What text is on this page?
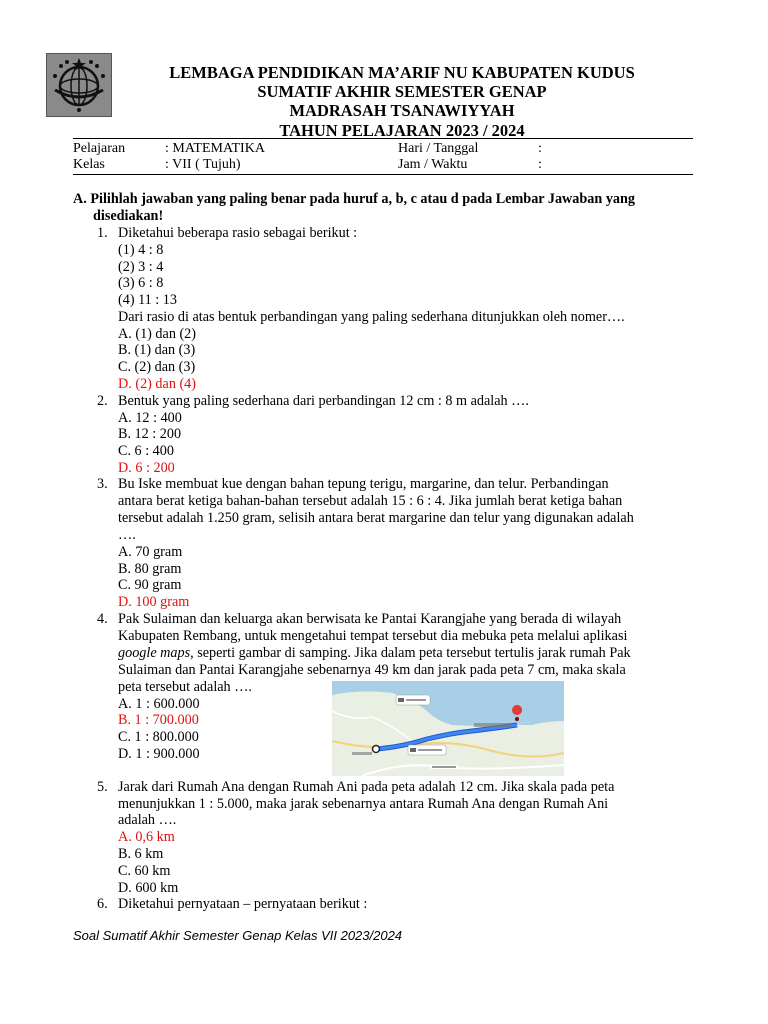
LEMBAGA PENDIDIKAN MA’ARIF NU KABUPATEN KUDUS
SUMATIF AKHIR SEMESTER GENAP
MADRASAH TSANAWIYYAH
TAHUN PELAJARAN 2023 / 2024
Pelajaran	: MATEMATIKA	Hari / Tanggal	:
Kelas	: VII ( Tujuh)	Jam / Waktu	:
A. Pilihlah jawaban yang paling benar pada huruf a, b, c atau d pada Lembar Jawaban yang
disediakan!
1. Diketahui beberapa rasio sebagai berikut :
(1) 4 : 8
(2) 3 : 4
(3) 6 : 8
(4) 11 : 13
Dari rasio di atas bentuk perbandingan yang paling sederhana ditunjukkan oleh nomer….
A. (1) dan (2)
B. (1) dan (3)
C. (2) dan (3)
D. (2) dan (4)
2. Bentuk yang paling sederhana dari perbandingan 12 cm : 8 m adalah ….
A. 12 : 400
B. 12 : 200
C. 6 : 400
D. 6 : 200
3. Bu Iske membuat kue dengan bahan tepung terigu, margarine, dan telur. Perbandingan
antara berat ketiga bahan-bahan tersebut adalah 15 : 6 : 4. Jika jumlah berat ketiga bahan
tersebut adalah 1.250 gram, selisih antara berat margarine dan telur yang digunakan adalah
….
A. 70 gram
B. 80 gram
C. 90 gram
D. 100 gram
4. Pak Sulaiman dan keluarga akan berwisata ke Pantai Karangjahe yang berada di wilayah
Kabupaten Rembang, untuk mengetahui tempat tersebut dia mebuka peta melalui aplikasi
google maps, seperti gambar di samping. Jika dalam peta tersebut tertulis jarak rumah Pak
Sulaiman dan Pantai Karangjahe sebenarnya 49 km dan jarak pada peta 7 cm, maka skala
peta tersebut adalah ….
A. 1 : 600.000
B. 1 : 700.000
C. 1 : 800.000
D. 1 : 900.000
5. Jarak dari Rumah Ana dengan Rumah Ani pada peta adalah 12 cm. Jika skala pada peta
menunjukkan 1 : 5.000, maka jarak sebenarnya antara Rumah Ana dengan Rumah Ani
adalah ….
A. 0,6 km
B. 6 km
C. 60 km
D. 600 km
6. Diketahui pernyataan – pernyataan berikut :
Soal Sumatif Akhir Semester Genap Kelas VII 2023/2024
